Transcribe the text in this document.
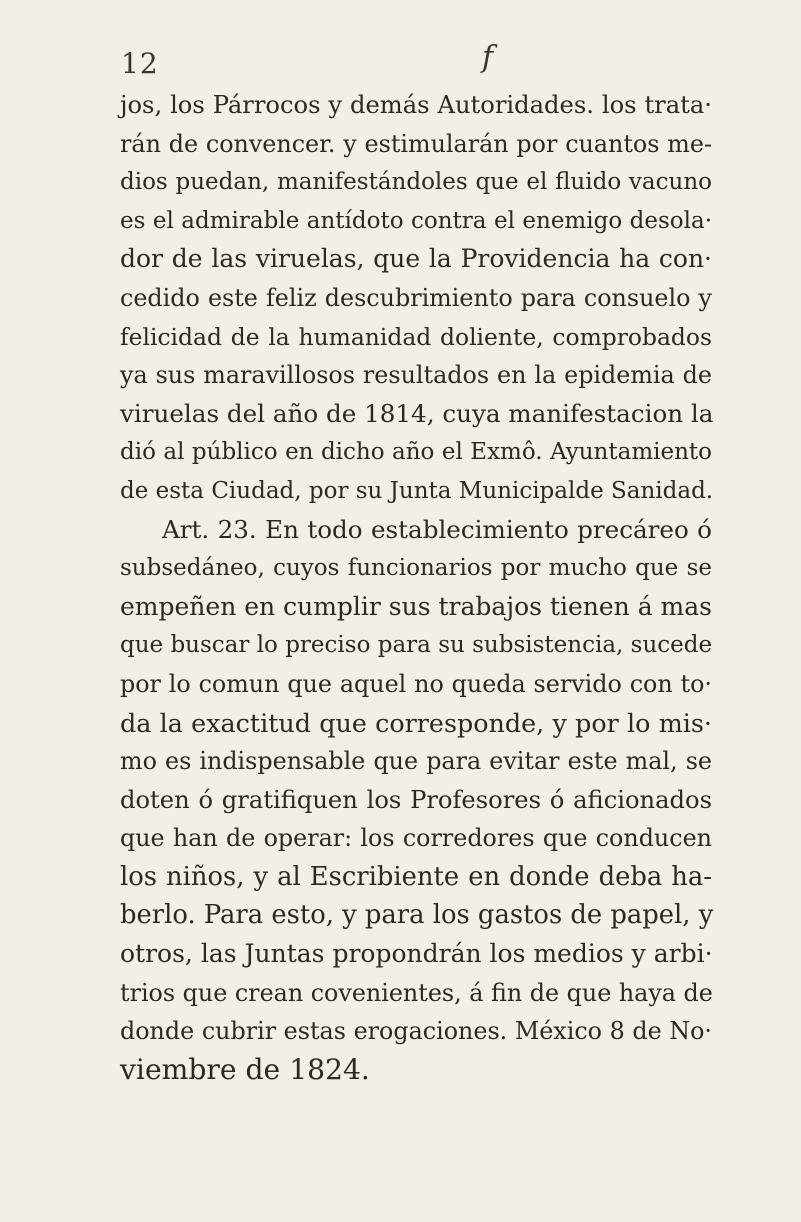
12	f
jos, los Párrocos y demás Autoridades. los trata·
rán de convencer. y estimularán por cuantos me-
dios puedan, manifestándoles que el fluido vacuno
es el admirable antídoto contra el enemigo desola·
dor de las viruelas, que la Providencia ha con·
cedido este feliz descubrimiento para consuelo y
felicidad de la humanidad doliente, comprobados
ya sus maravillosos resultados en la epidemia de
viruelas del año de 1814, cuya manifestacion la
dió al público en dicho año el Exmô. Ayuntamiento
de esta Ciudad, por su Junta Municipalde Sanidad.
Art. 23. En todo establecimiento precáreo ó
subsedáneo, cuyos funcionarios por mucho que se
empeñen en cumplir sus trabajos tienen á mas
que buscar lo preciso para su subsistencia, sucede
por lo comun que aquel no queda servido con to·
da la exactitud que corresponde, y por lo mis·
mo es indispensable que para evitar este mal, se
doten ó gratifiquen los Profesores ó aficionados
que han de operar: los corredores que conducen
los niños, y al Escribiente en donde deba ha-
berlo. Para esto, y para los gastos de papel, y
otros, las Juntas propondrán los medios y arbi·
trios que crean covenientes, á fin de que haya de
donde cubrir estas erogaciones. México 8 de No·
viembre de 1824.
